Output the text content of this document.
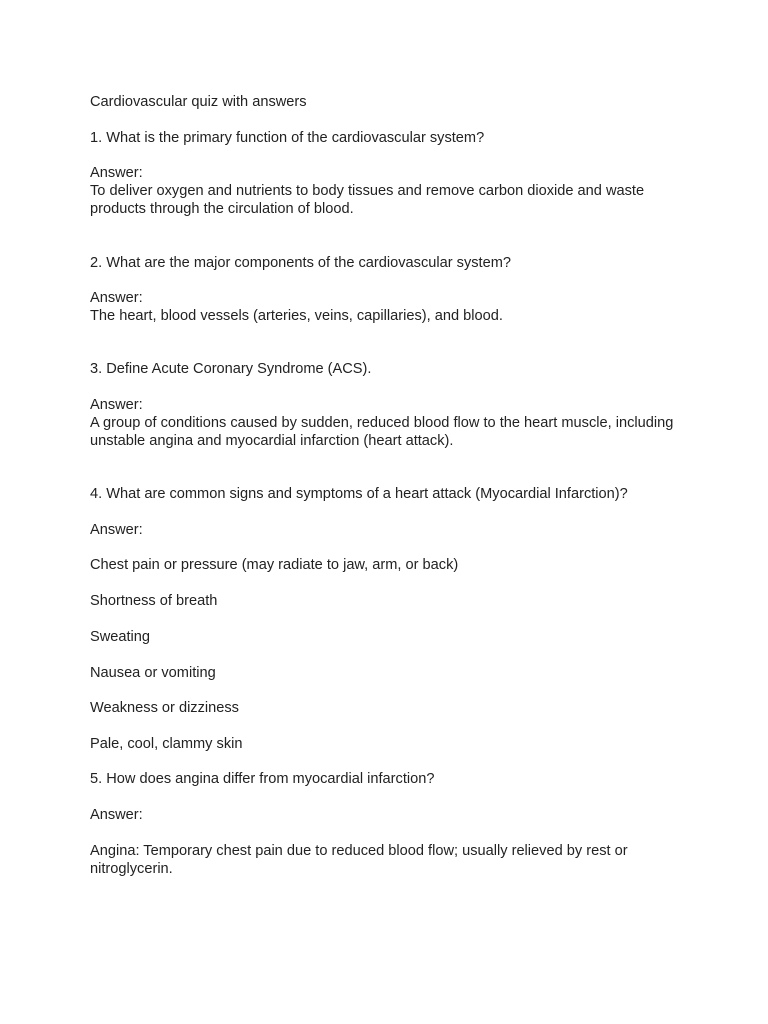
Cardiovascular quiz with answers

1. What is the primary function of the cardiovascular system?

Answer:

To deliver oxygen and nutrients to body tissues and remove carbon dioxide and waste products through the circulation of blood.

2. What are the major components of the cardiovascular system?

Answer:

The heart, blood vessels (arteries, veins, capillaries), and blood.

3. Define Acute Coronary Syndrome (ACS).

Answer:

A group of conditions caused by sudden, reduced blood flow to the heart muscle, including unstable angina and myocardial infarction (heart attack).

4. What are common signs and symptoms of a heart attack (Myocardial Infarction)?

Answer:

Chest pain or pressure (may radiate to jaw, arm, or back)

Shortness of breath

Sweating

Nausea or vomiting

Weakness or dizziness

Pale, cool, clammy skin

5. How does angina differ from myocardial infarction?

Answer:

Angina: Temporary chest pain due to reduced blood flow; usually relieved by rest or nitroglycerin.
